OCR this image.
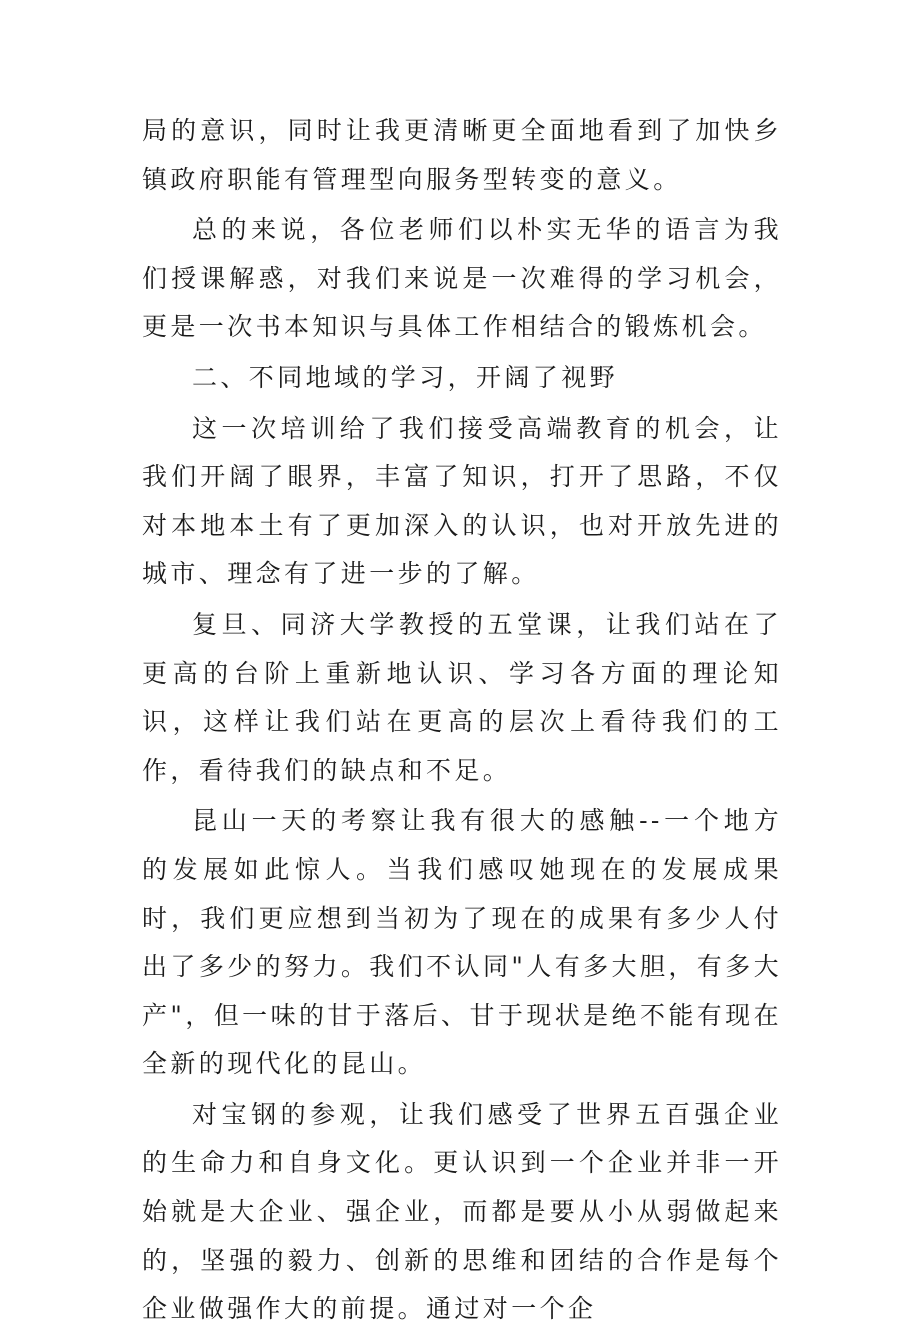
局的意识，同时让我更清晰更全面地看到了加快乡镇政府职能有管理型向服务型转变的意义。

总的来说，各位老师们以朴实无华的语言为我们授课解惑，对我们来说是一次难得的学习机会，更是一次书本知识与具体工作相结合的锻炼机会。

二、不同地域的学习，开阔了视野

这一次培训给了我们接受高端教育的机会，让我们开阔了眼界，丰富了知识，打开了思路，不仅对本地本土有了更加深入的认识，也对开放先进的城市、理念有了进一步的了解。

复旦、同济大学教授的五堂课，让我们站在了更高的台阶上重新地认识、学习各方面的理论知识，这样让我们站在更高的层次上看待我们的工作，看待我们的缺点和不足。

昆山一天的考察让我有很大的感触--一个地方的发展如此惊人。当我们感叹她现在的发展成果时，我们更应想到当初为了现在的成果有多少人付出了多少的努力。我们不认同"人有多大胆，有多大产"，但一味的甘于落后、甘于现状是绝不能有现在全新的现代化的昆山。

对宝钢的参观，让我们感受了世界五百强企业的生命力和自身文化。更认识到一个企业并非一开始就是大企业、强企业，而都是要从小从弱做起来的，坚强的毅力、创新的思维和团结的合作是每个企业做强作大的前提。通过对一个企
